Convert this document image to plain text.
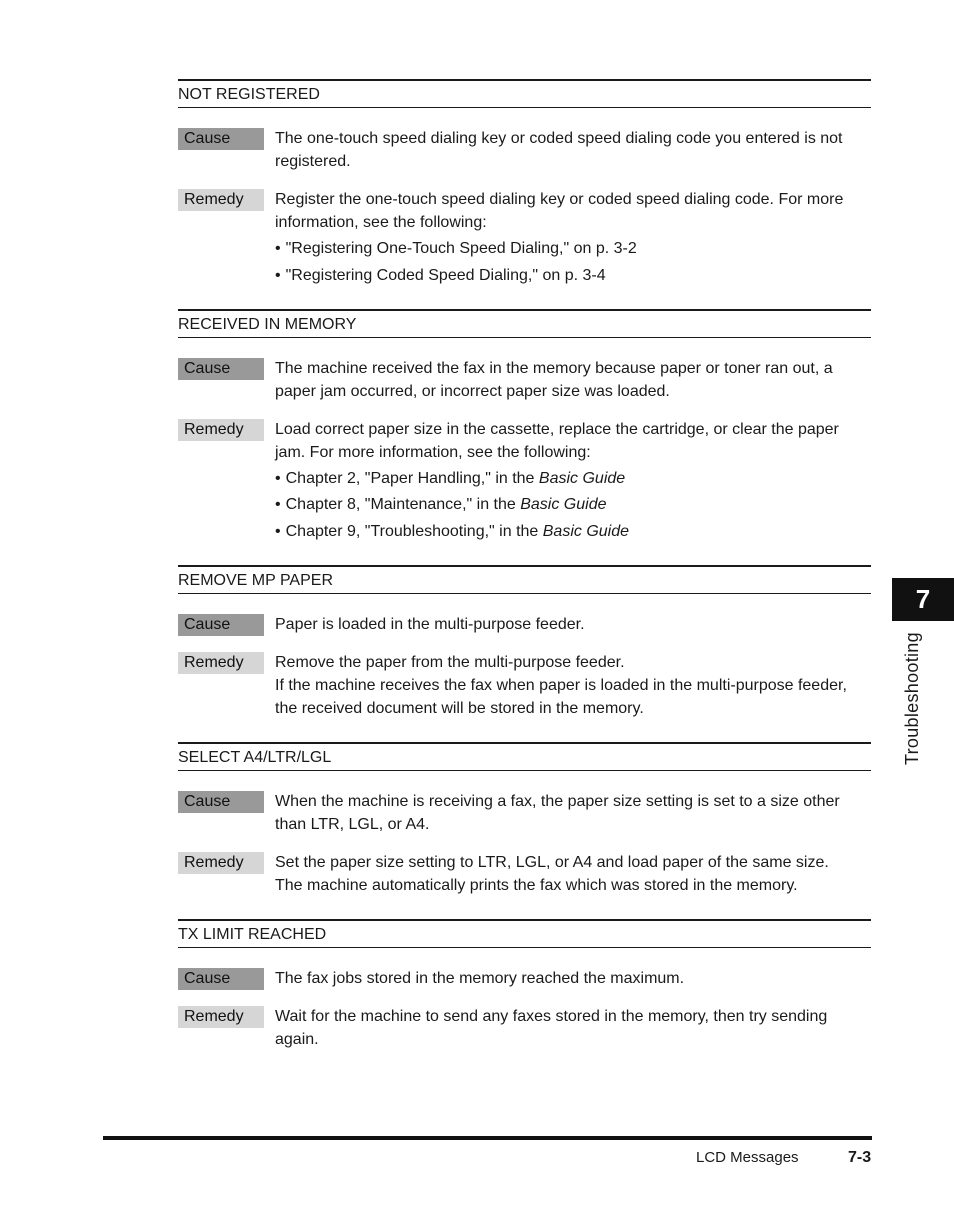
NOT REGISTERED
Cause	The one-touch speed dialing key or coded speed dialing code you entered is not registered.
Remedy	Register the one-touch speed dialing key or coded speed dialing code. For more information, see the following:
• "Registering One-Touch Speed Dialing," on p. 3-2
• "Registering Coded Speed Dialing," on p. 3-4
RECEIVED IN MEMORY
Cause	The machine received the fax in the memory because paper or toner ran out, a paper jam occurred, or incorrect paper size was loaded.
Remedy	Load correct paper size in the cassette, replace the cartridge, or clear the paper jam. For more information, see the following:
• Chapter 2, "Paper Handling," in the Basic Guide
• Chapter 8, "Maintenance," in the Basic Guide
• Chapter 9, "Troubleshooting," in the Basic Guide
REMOVE MP PAPER
Cause	Paper is loaded in the multi-purpose feeder.
Remedy	Remove the paper from the multi-purpose feeder.
If the machine receives the fax when paper is loaded in the multi-purpose feeder, the received document will be stored in the memory.
SELECT A4/LTR/LGL
Cause	When the machine is receiving a fax, the paper size setting is set to a size other than LTR, LGL, or A4.
Remedy	Set the paper size setting to LTR, LGL, or A4 and load paper of the same size.
The machine automatically prints the fax which was stored in the memory.
TX LIMIT REACHED
Cause	The fax jobs stored in the memory reached the maximum.
Remedy	Wait for the machine to send any faxes stored in the memory, then try sending again.
7
Troubleshooting
LCD Messages	7-3
